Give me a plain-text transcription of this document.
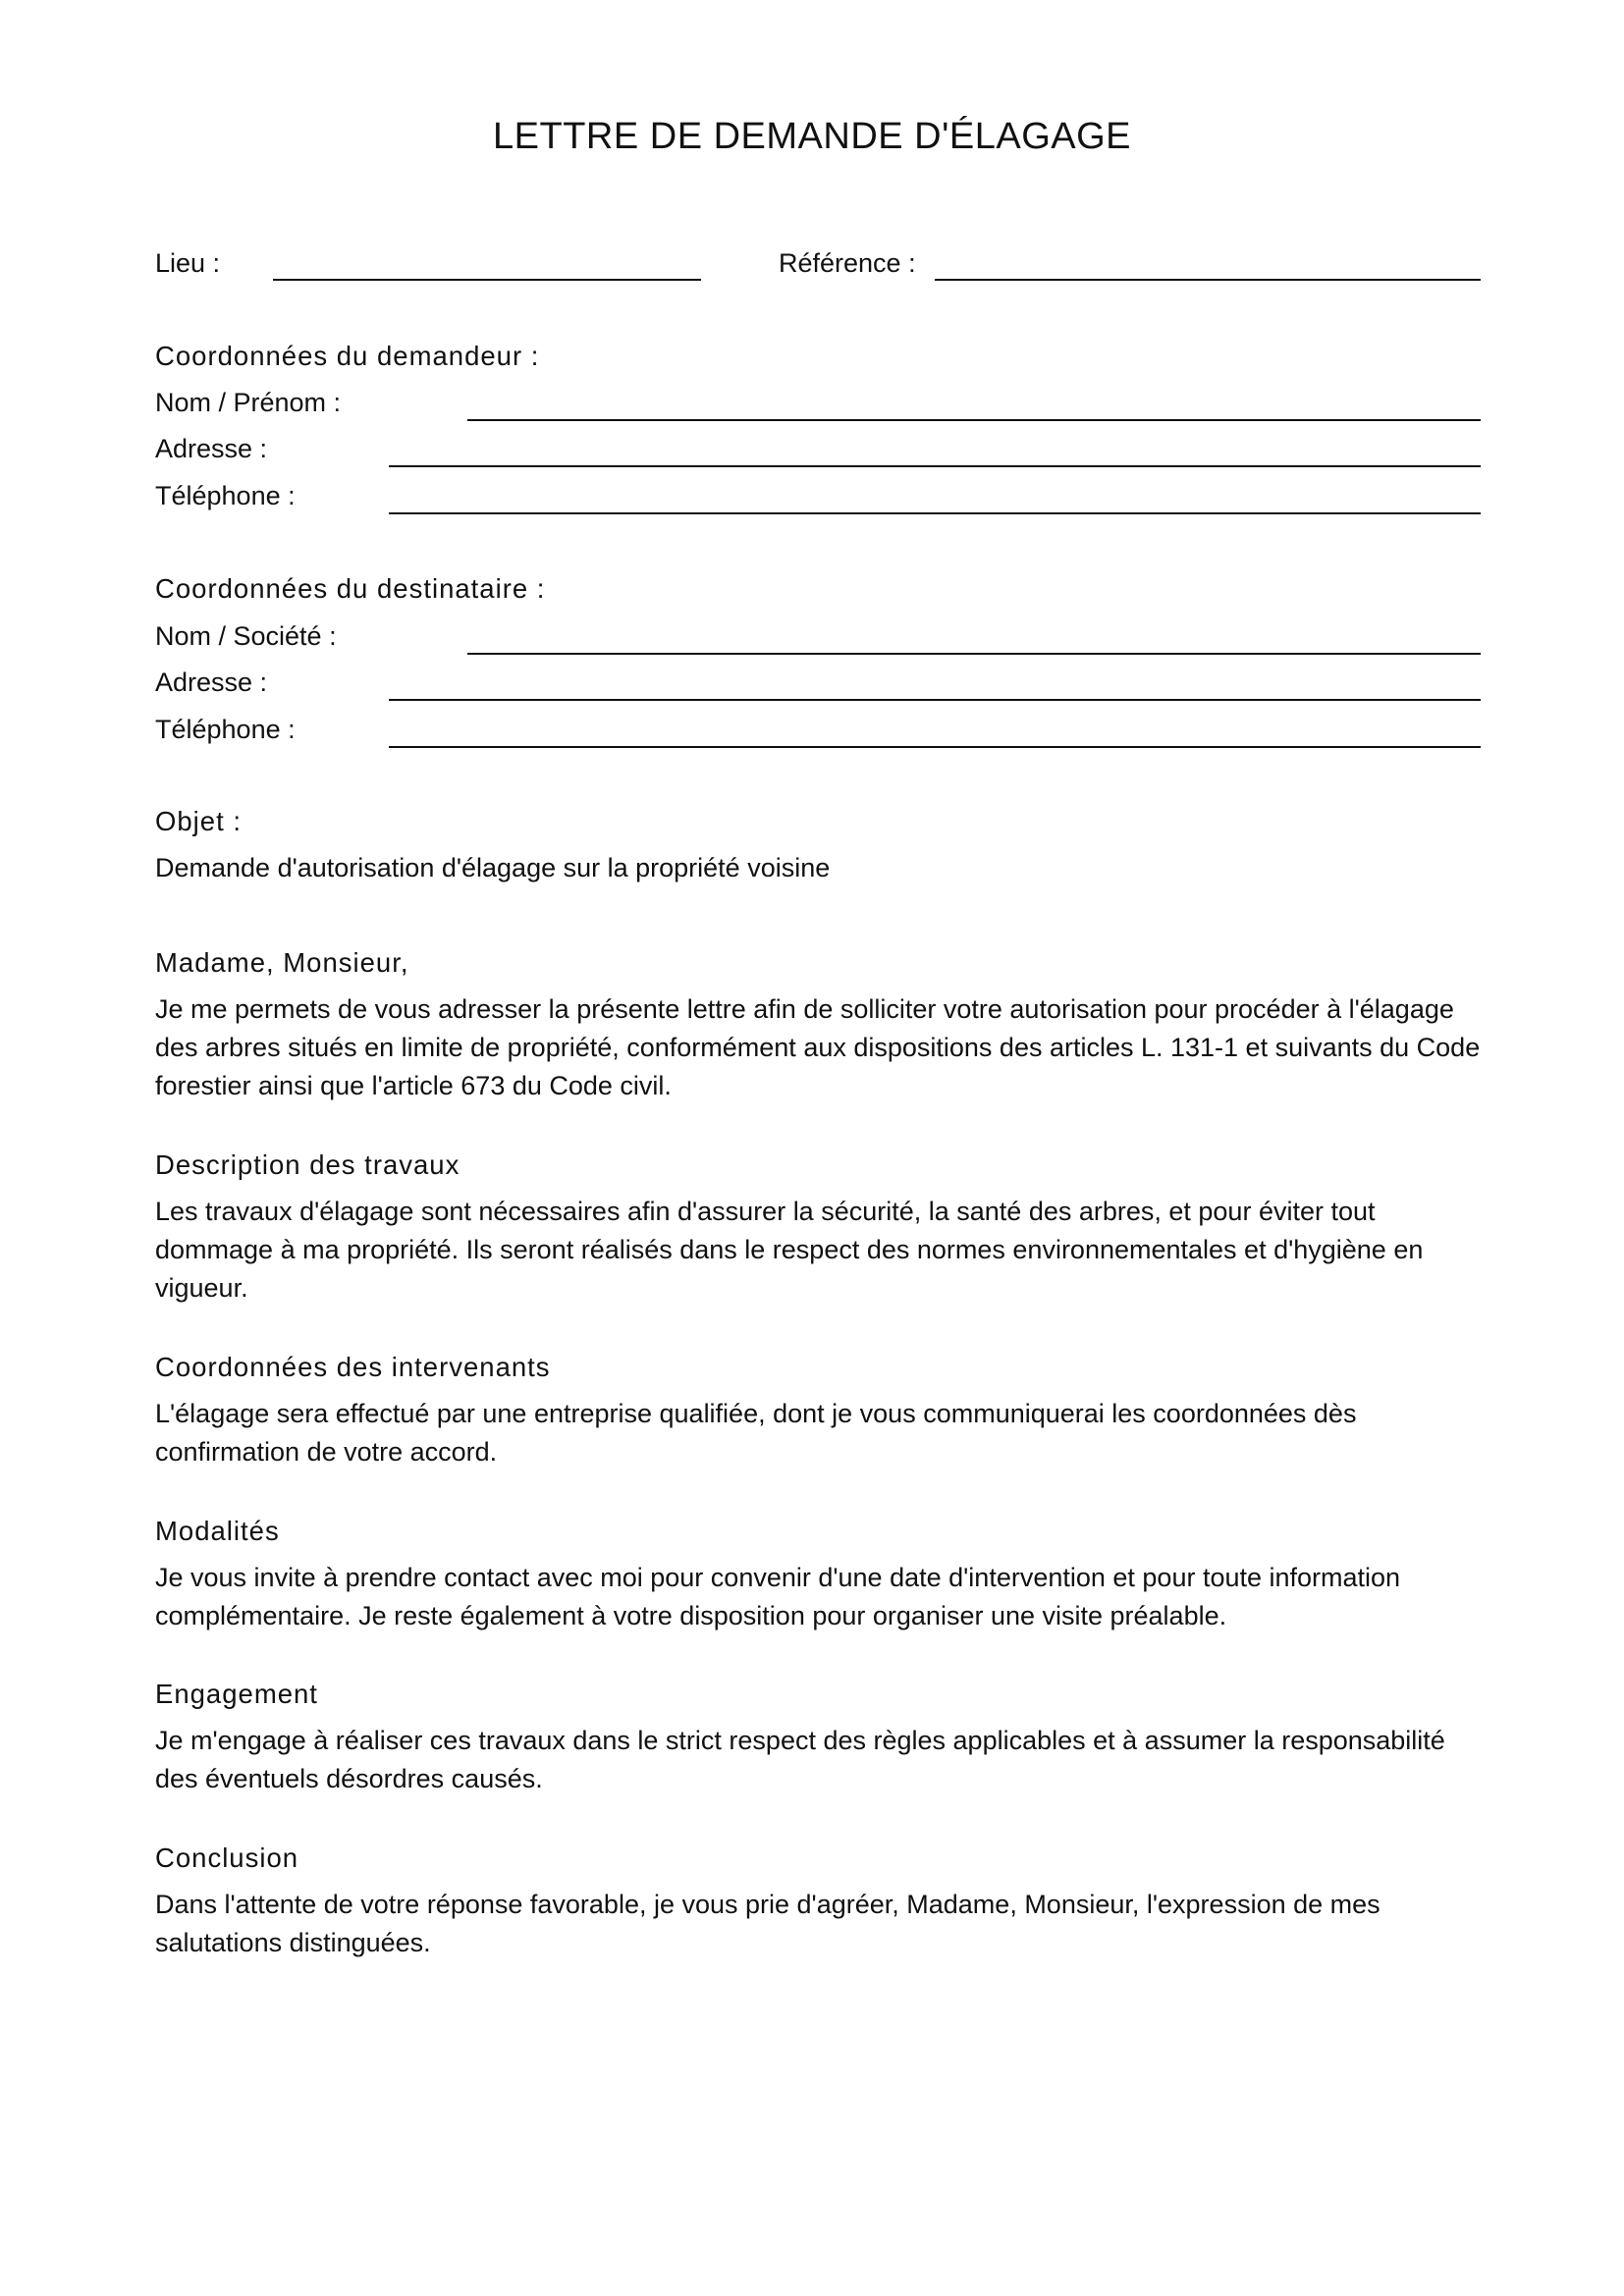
LETTRE DE DEMANDE D'ÉLAGAGE
Lieu :	Référence :
Coordonnées du demandeur :
Nom / Prénom :
Adresse :
Téléphone :
Coordonnées du destinataire :
Nom / Société :
Adresse :
Téléphone :
Objet :
Demande d'autorisation d'élagage sur la propriété voisine
Madame, Monsieur,

Je me permets de vous adresser la présente lettre afin de solliciter votre autorisation pour procéder à l'élagage des arbres situés en limite de propriété, conformément aux dispositions des articles L. 131-1 et suivants du Code forestier ainsi que l'article 673 du Code civil.

Description des travaux

Les travaux d'élagage sont nécessaires afin d'assurer la sécurité, la santé des arbres, et pour éviter tout dommage à ma propriété. Ils seront réalisés dans le respect des normes environnementales et d'hygiène en vigueur.

Coordonnées des intervenants

L'élagage sera effectué par une entreprise qualifiée, dont je vous communiquerai les coordonnées dès confirmation de votre accord.

Modalités

Je vous invite à prendre contact avec moi pour convenir d'une date d'intervention et pour toute information complémentaire. Je reste également à votre disposition pour organiser une visite préalable.

Engagement

Je m'engage à réaliser ces travaux dans le strict respect des règles applicables et à assumer la responsabilité des éventuels désordres causés.

Conclusion

Dans l'attente de votre réponse favorable, je vous prie d'agréer, Madame, Monsieur, l'expression de mes salutations distinguées.
